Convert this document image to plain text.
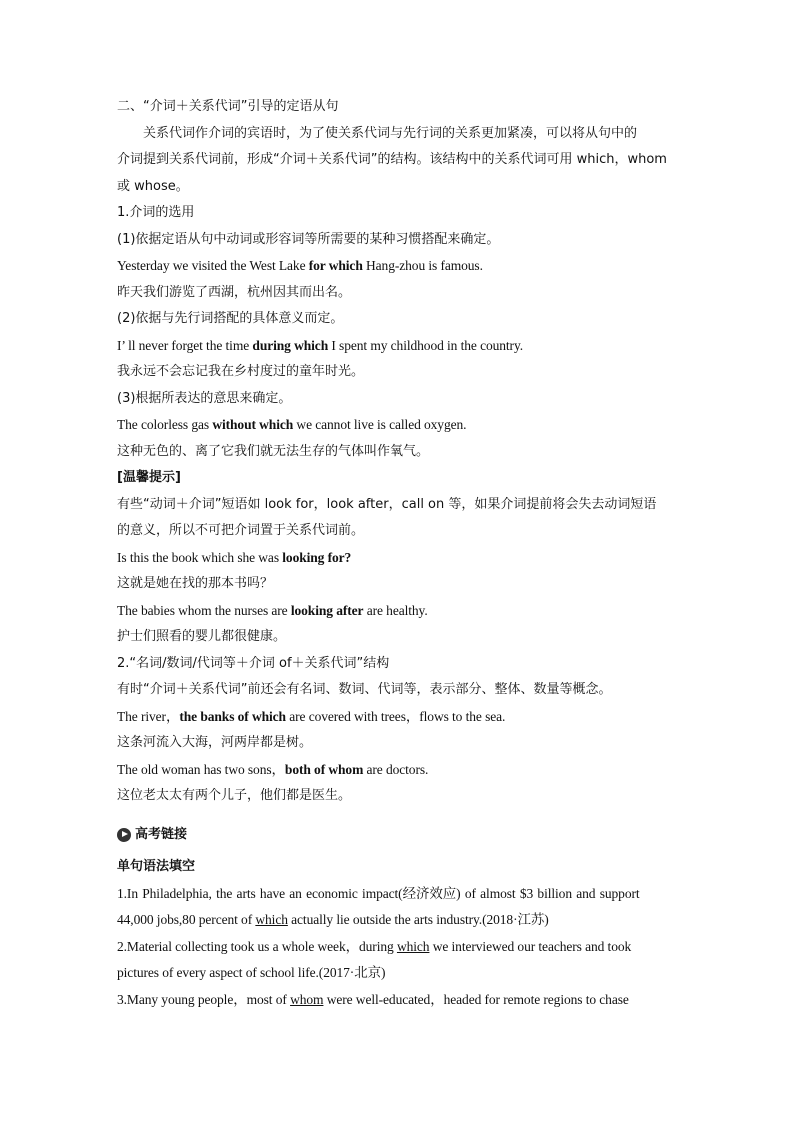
二、“介词＋关系代词”引导的定语从句
关系代词作介词的宾语时，为了使关系代词与先行词的关系更加紧凑，可以将从句中的
介词提到关系代词前，形成“介词＋关系代词”的结构。该结构中的关系代词可用 which，whom
或 whose。
1.介词的选用
(1)依据定语从句中动词或形容词等所需要的某种习惯搭配来确定。
Yesterday we visited the West Lake for which Hang-zhou is famous.
昨天我们游览了西湖，杭州因其而出名。
(2)依据与先行词搭配的具体意义而定。
I’ ll never forget the time during which I spent my childhood in the country.
我永远不会忘记我在乡村度过的童年时光。
(3)根据所表达的意思来确定。
The colorless gas without which we cannot live is called oxygen.
这种无色的、离了它我们就无法生存的气体叫作氧气。
[温馨提示]
有些“动词＋介词”短语如 look for，look after，call on 等，如果介词提前将会失去动词短语
的意义，所以不可把介词置于关系代词前。
Is this the book which she was looking for?
这就是她在找的那本书吗？
The babies whom the nurses are looking after are healthy.
护士们照看的婴儿都很健康。
2.“名词/数词/代词等＋介词 of＋关系代词”结构
有时“介词＋关系代词”前还会有名词、数词、代词等，表示部分、整体、数量等概念。
The river，the banks of which are covered with trees，flows to the sea.
这条河流入大海，河两岸都是树。
The old woman has two sons，both of whom are doctors.
这位老太太有两个儿子，他们都是医生。
高考链接
单句语法填空
1.In Philadelphia, the arts have an economic impact(经济效应) of almost $3 billion and support
44,000 jobs,80 percent of which actually lie outside the arts industry.(2018·江苏)
2.Material collecting took us a whole week，during which we interviewed our teachers and took
pictures of every aspect of school life.(2017·北京)
3.Many young people，most of whom were well-educated，headed for remote regions to chase
